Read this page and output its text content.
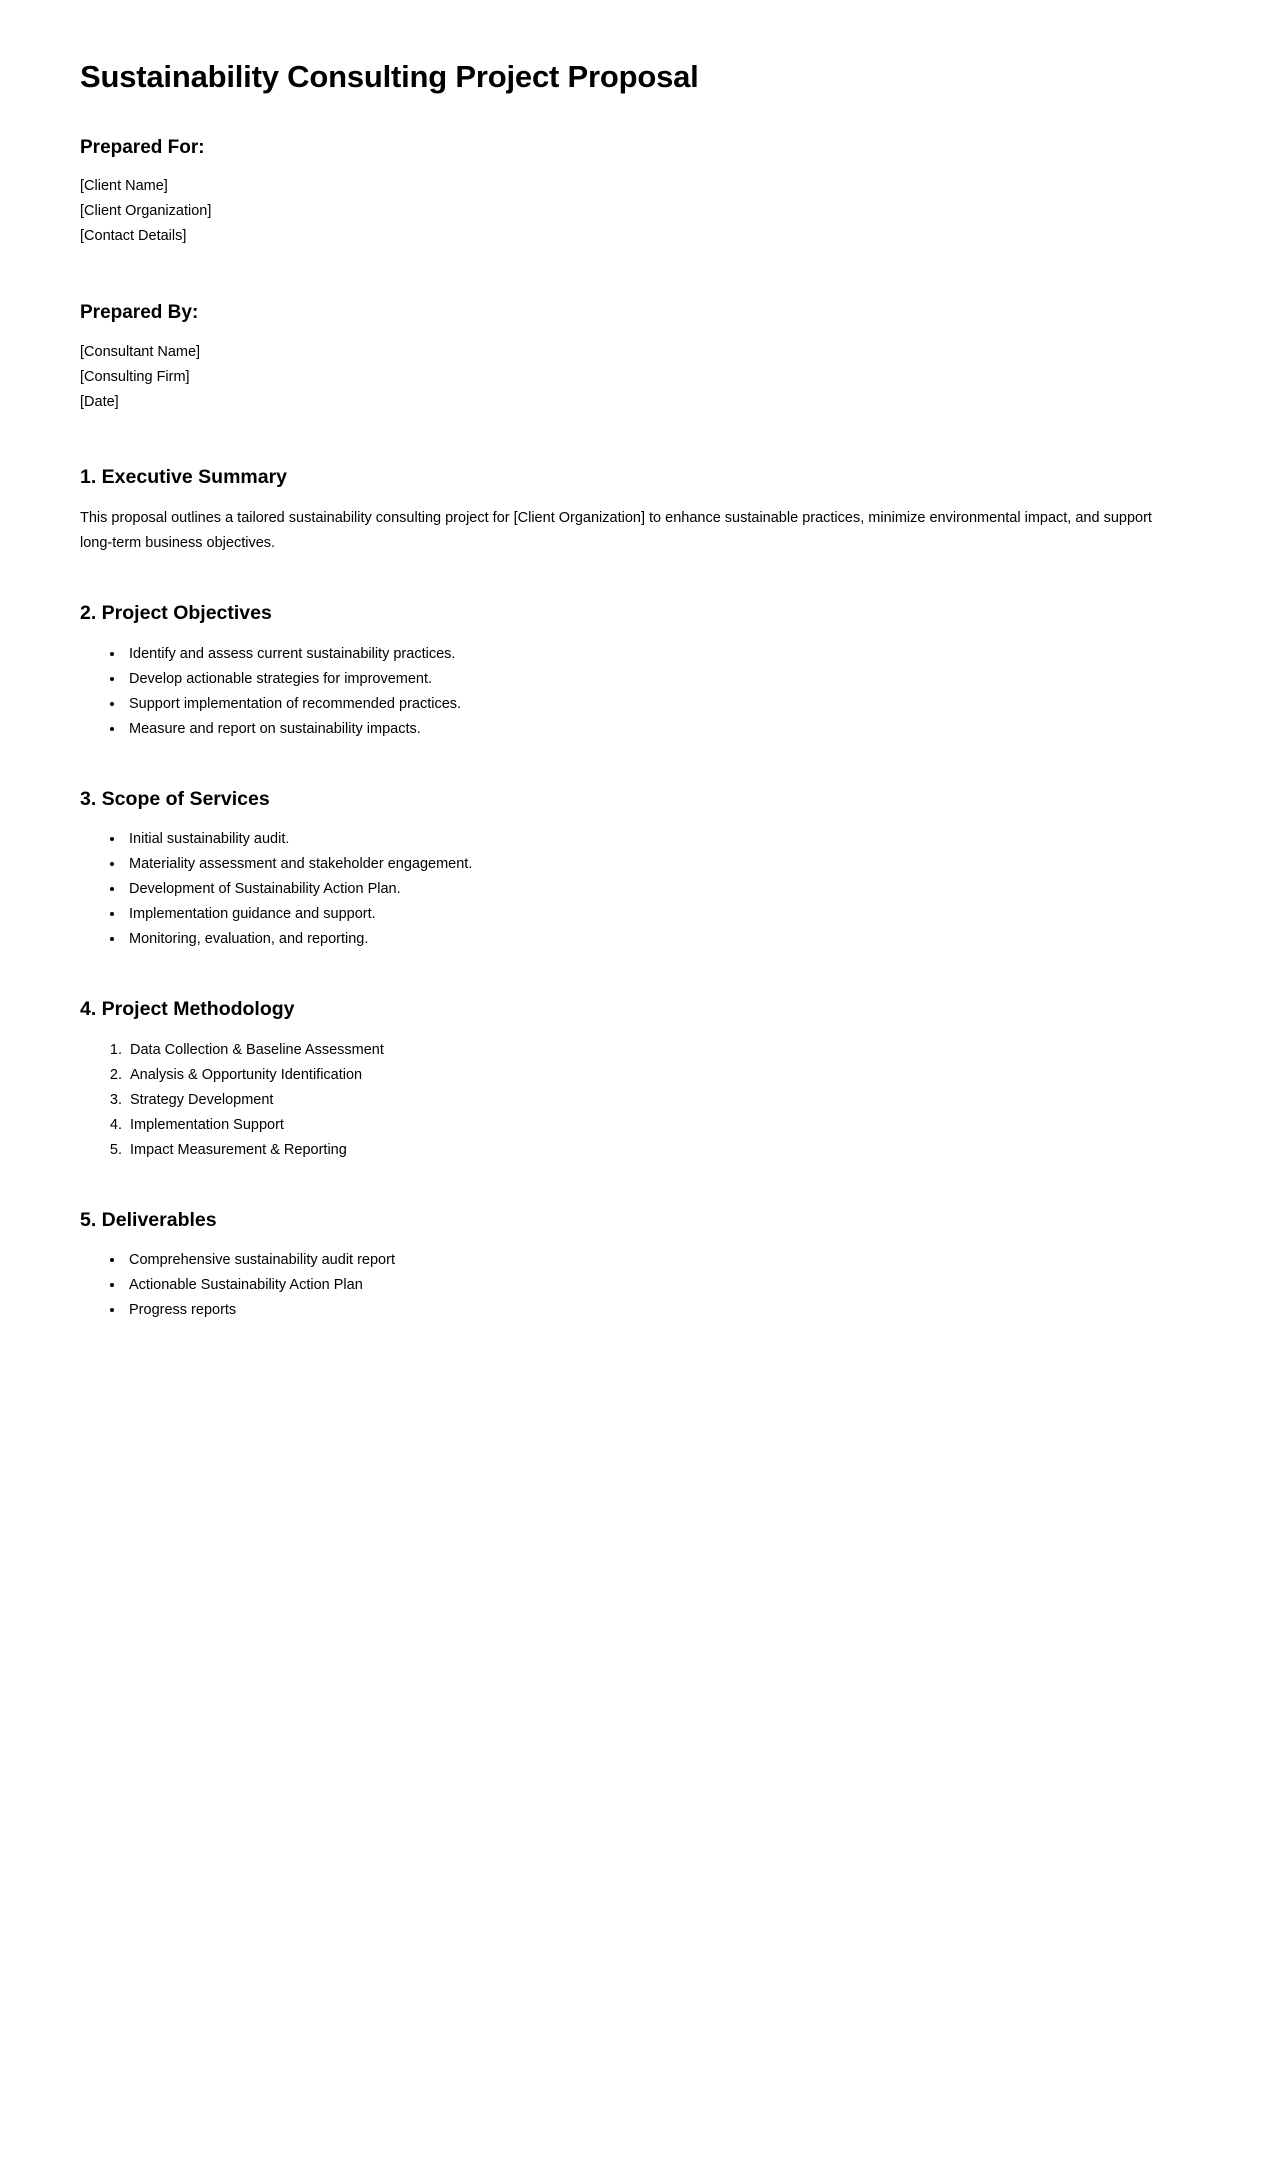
Sustainability Consulting Project Proposal
Prepared For:
[Client Name]
[Client Organization]
[Contact Details]
Prepared By:
[Consultant Name]
[Consulting Firm]
[Date]
1. Executive Summary

This proposal outlines a tailored sustainability consulting project for [Client Organization] to enhance sustainable practices, minimize environmental impact, and support long-term business objectives.

2. Project Objectives
• Identify and assess current sustainability practices.
• Develop actionable strategies for improvement.
• Support implementation of recommended practices.
• Measure and report on sustainability impacts.
3. Scope of Services
• Initial sustainability audit.
• Materiality assessment and stakeholder engagement.
• Development of Sustainability Action Plan.
• Implementation guidance and support.
• Monitoring, evaluation, and reporting.
4. Project Methodology
1. Data Collection & Baseline Assessment
2. Analysis & Opportunity Identification
3. Strategy Development
4. Implementation Support
5. Impact Measurement & Reporting
5. Deliverables
• Comprehensive sustainability audit report
• Actionable Sustainability Action Plan
• Progress reports
